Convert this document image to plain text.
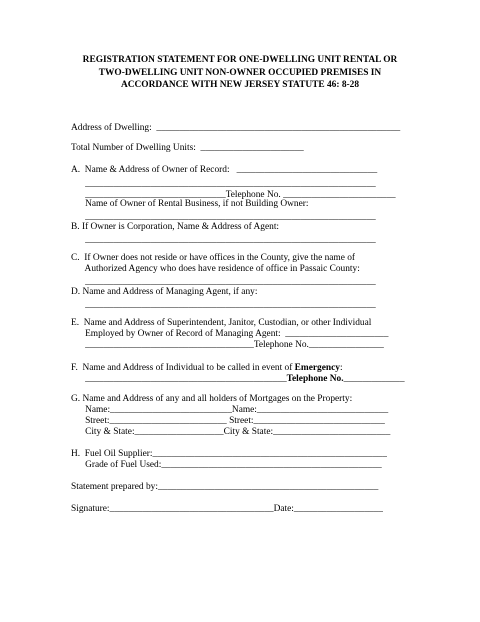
REGISTRATION STATEMENT FOR ONE-DWELLING UNIT RENTAL OR
TWO-DWELLING UNIT NON-OWNER OCCUPIED PREMISES IN
ACCORDANCE WITH NEW JERSEY STATUTE 46: 8-28
Address of Dwelling:  ____________________________________________________
Total Number of Dwelling Units:  ______________________
A.  Name & Address of Owner of Record:   ______________________________
______________________________________________________________
______________________________Telephone No. ________________________
Name of Owner of Rental Business, if not Building Owner:
______________________________________________________________
B. If Owner is Corporation, Name & Address of Agent:
______________________________________________________________
C.  If Owner does not reside or have offices in the County, give the name of
Authorized Agency who does have residence of office in Passaic County:
______________________________________________________________
D. Name and Address of Managing Agent, if any:
______________________________________________________________
E.  Name and Address of Superintendent, Janitor, Custodian, or other Individual
Employed by Owner of Record of Managing Agent:  ______________________
____________________________________Telephone No.________________
F.  Name and Address of Individual to be called in event of Emergency:
___________________________________________Telephone No._____________
G. Name and Address of any and all holders of Mortgages on the Property:
Name:__________________________Name:____________________________
Street:_________________________ Street:____________________________
City & State:___________________City & State:_________________________
H.  Fuel Oil Supplier:__________________________________________________
Grade of Fuel Used:_______________________________________________
Statement prepared by:_______________________________________________
Signature:___________________________________Date:___________________
